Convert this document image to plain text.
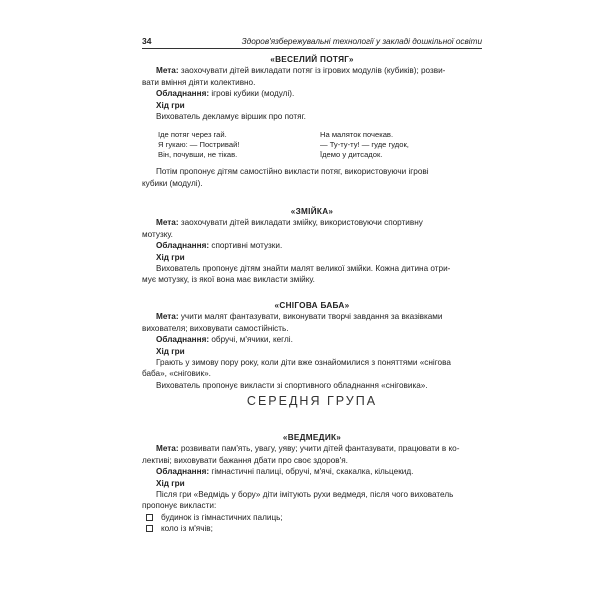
34	Здоров'язбережувальні технології у закладі дошкільної освіти
«ВЕСЕЛИЙ ПОТЯГ»
Мета: заохочувати дітей викладати потяг із ігрових модулів (кубиків); розви-
вати вміння діяти колективно.
Обладнання: ігрові кубики (модулі).
Хід гри
Вихователь декламує віршик про потяг.
Іде потяг через гай.
Я гукаю: — Постривай!
Він, почувши, не тікав.
На маляток почекав.
— Ту-ту-ту! — гуде гудок,
Їдемо у дитсадок.
Потім пропонує дітям самостійно викласти потяг, використовуючи ігрові
кубики (модулі).
«ЗМІЙКА»
Мета: заохочувати дітей викладати змійку, використовуючи спортивну
мотузку.
Обладнання: спортивні мотузки.
Хід гри
Вихователь пропонує дітям знайти малят великої змійки. Кожна дитина отри-
мує мотузку, із якої вона має викласти змійку.
«СНІГОВА БАБА»
Мета: учити малят фантазувати, виконувати творчі завдання за вказівками
вихователя; виховувати самостійність.
Обладнання: обручі, м'ячики, кеглі.
Хід гри
Грають у зимову пору року, коли діти вже ознайомилися з поняттями «снігова
баба», «сніговик».
Вихователь пропонує викласти зі спортивного обладнання «сніговика».
СЕРЕДНЯ ГРУПА
«ВЕДМЕДИК»
Мета: розвивати пам'ять, увагу, уяву; учити дітей фантазувати, працювати в ко-
лективі; виховувати бажання дбати про своє здоров'я.
Обладнання: гімнастичні палиці, обручі, м'ячі, скакалка, кільцекид.
Хід гри
Після гри «Ведмідь у бору» діти імітують рухи ведмедя, після чого вихователь
пропонує викласти:
будинок із гімнастичних палиць;
коло із м'ячів;
